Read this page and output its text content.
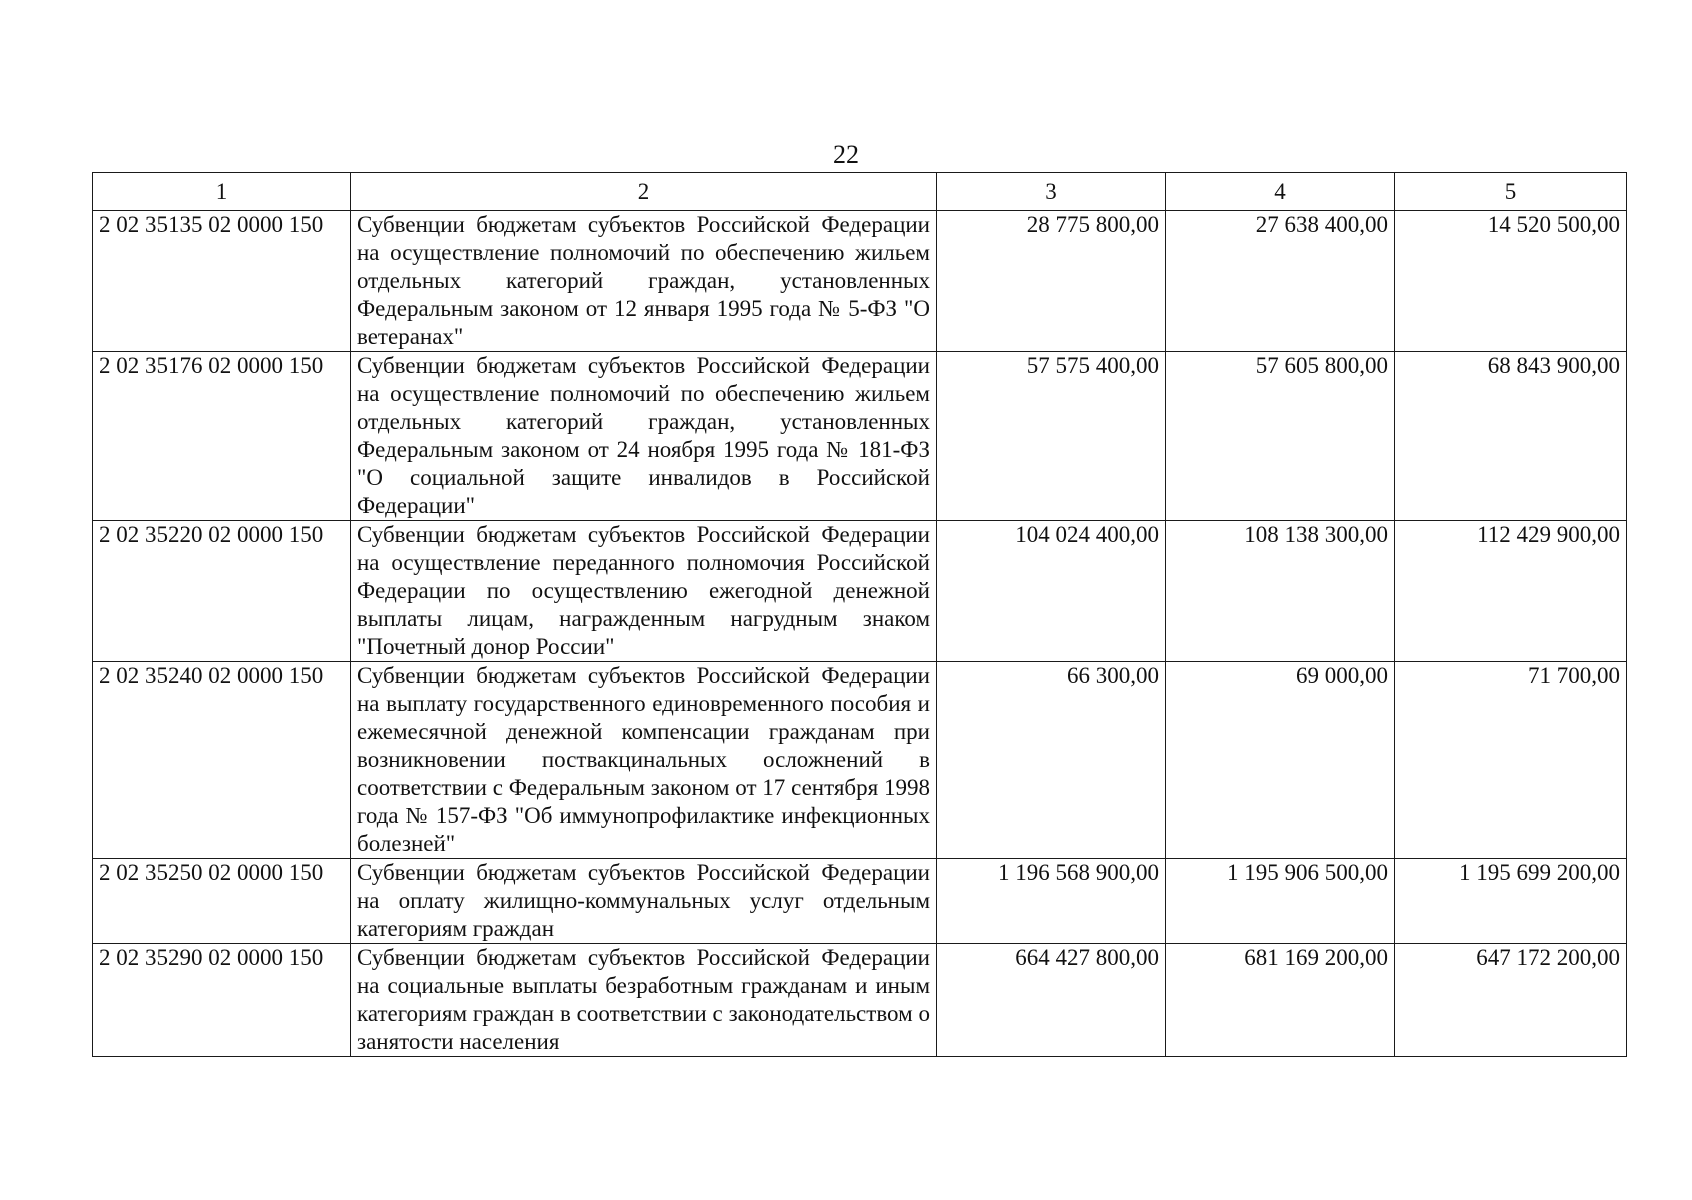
22
1	2	3	4	5
2 02 35135 02 0000 150	Субвенции бюджетам субъектов Российской Федерации на осуществление полномочий по обеспечению жильем отдельных категорий граждан, установленных Федеральным законом от 12 января 1995 года № 5-ФЗ "О ветеранах"	28 775 800,00	27 638 400,00	14 520 500,00
2 02 35176 02 0000 150	Субвенции бюджетам субъектов Российской Федерации на осуществление полномочий по обеспечению жильем отдельных категорий граждан, установленных Федеральным законом от 24 ноября 1995 года № 181-ФЗ "О социальной защите инвалидов в Российской Федерации"	57 575 400,00	57 605 800,00	68 843 900,00
2 02 35220 02 0000 150	Субвенции бюджетам субъектов Российской Федерации на осуществление переданного полномочия Российской Федерации по осуществлению ежегодной денежной выплаты лицам, награжденным нагрудным знаком "Почетный донор России"	104 024 400,00	108 138 300,00	112 429 900,00
2 02 35240 02 0000 150	Субвенции бюджетам субъектов Российской Федерации на выплату государственного единовременного пособия и ежемесячной денежной компенсации гражданам при возникновении поствакцинальных осложнений в соответствии с Федеральным законом от 17 сентября 1998 года № 157-ФЗ "Об иммунопрофилактике инфекционных болезней"	66 300,00	69 000,00	71 700,00
2 02 35250 02 0000 150	Субвенции бюджетам субъектов Российской Федерации на оплату жилищно-коммунальных услуг отдельным категориям граждан	1 196 568 900,00	1 195 906 500,00	1 195 699 200,00
2 02 35290 02 0000 150	Субвенции бюджетам субъектов Российской Федерации на социальные выплаты безработным гражданам и иным категориям граждан в соответствии с законодательством о занятости населения	664 427 800,00	681 169 200,00	647 172 200,00
